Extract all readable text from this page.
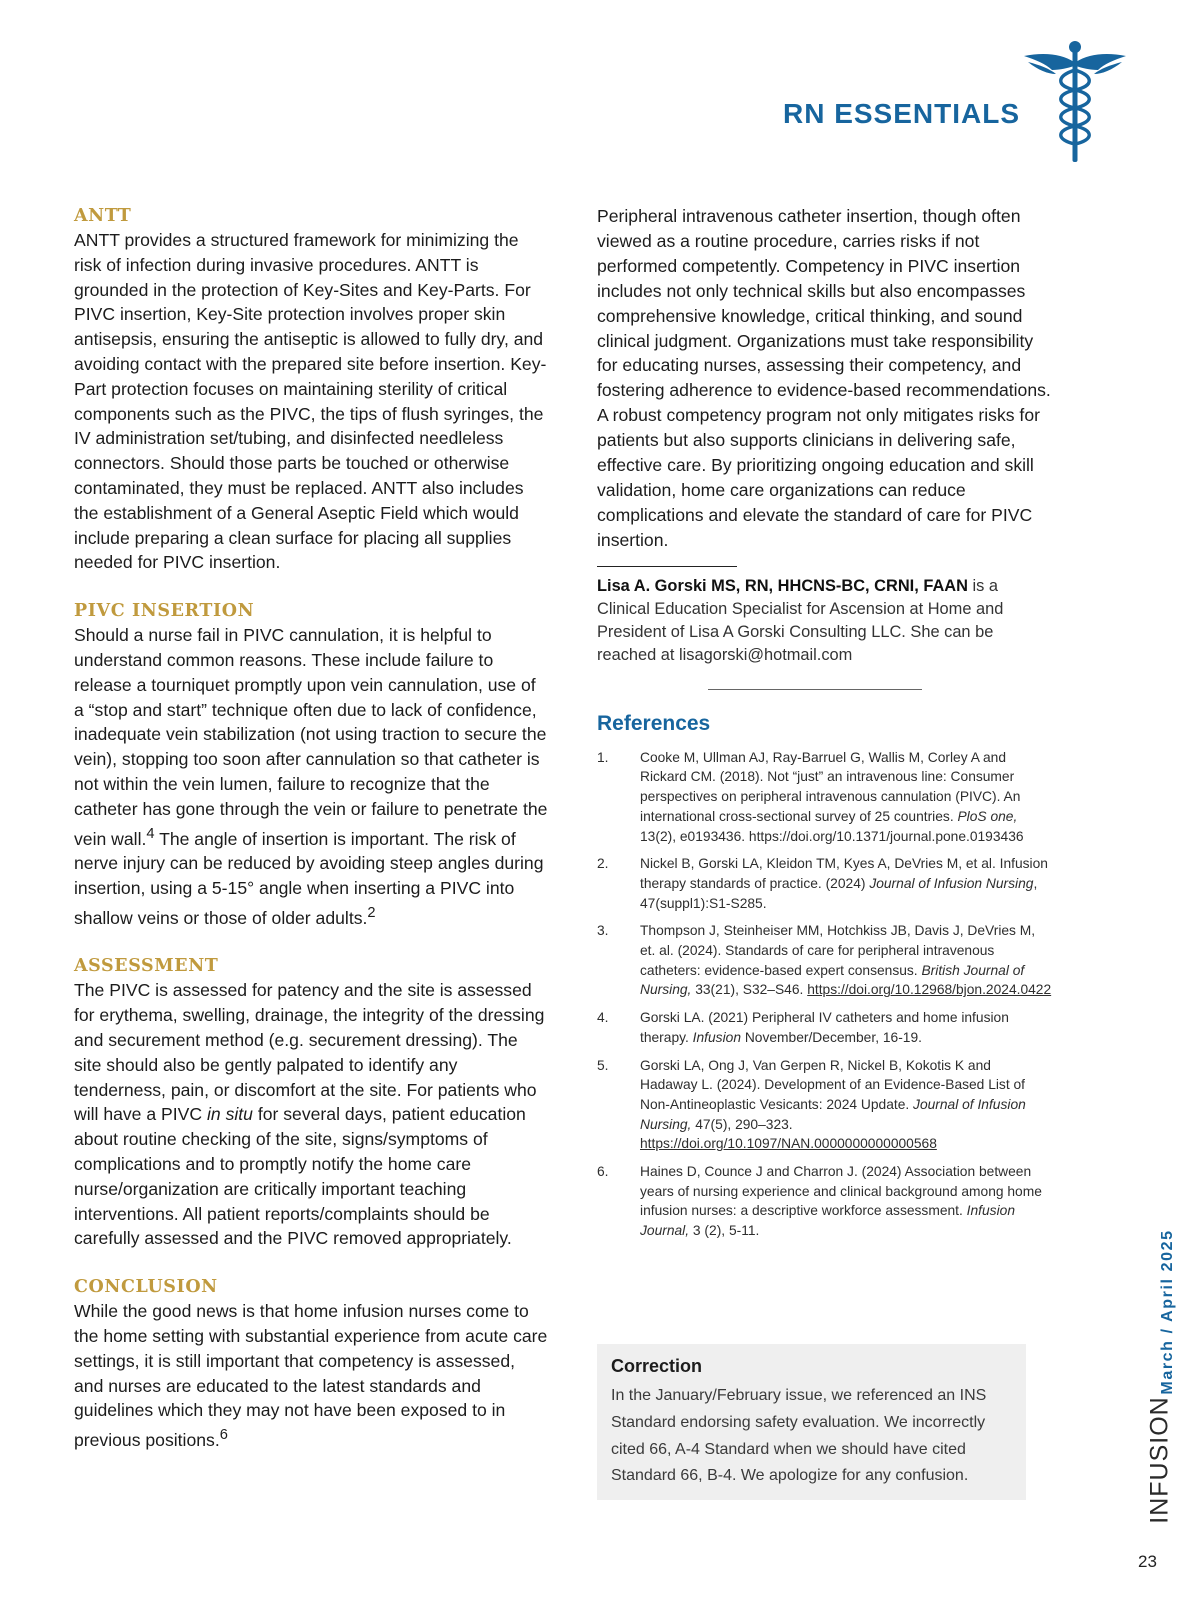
RN ESSENTIALS
ANTT

ANTT provides a structured framework for minimizing the risk of infection during invasive procedures. ANTT is grounded in the protection of Key-Sites and Key-Parts. For PIVC insertion, Key-Site protection involves proper skin antisepsis, ensuring the antiseptic is allowed to fully dry, and avoiding contact with the prepared site before insertion. Key-Part protection focuses on maintaining sterility of critical components such as the PIVC, the tips of flush syringes, the IV administration set/tubing, and disinfected needleless connectors. Should those parts be touched or otherwise contaminated, they must be replaced. ANTT also includes the establishment of a General Aseptic Field which would include preparing a clean surface for placing all supplies needed for PIVC insertion.

PIVC INSERTION

Should a nurse fail in PIVC cannulation, it is helpful to understand common reasons. These include failure to release a tourniquet promptly upon vein cannulation, use of a “stop and start” technique often due to lack of confidence, inadequate vein stabilization (not using traction to secure the vein), stopping too soon after cannulation so that catheter is not within the vein lumen, failure to recognize that the catheter has gone through the vein or failure to penetrate the vein wall.$^4$ The angle of insertion is important. The risk of nerve injury can be reduced by avoiding steep angles during insertion, using a 5-15° angle when inserting a PIVC into shallow veins or those of older adults.$^2$

ASSESSMENT

The PIVC is assessed for patency and the site is assessed for erythema, swelling, drainage, the integrity of the dressing and securement method (e.g. securement dressing). The site should also be gently palpated to identify any tenderness, pain, or discomfort at the site. For patients who will have a PIVC in situ for several days, patient education about routine checking of the site, signs/symptoms of complications and to promptly notify the home care nurse/organization are critically important teaching interventions. All patient reports/complaints should be carefully assessed and the PIVC removed appropriately.

CONCLUSION

While the good news is that home infusion nurses come to the home setting with substantial experience from acute care settings, it is still important that competency is assessed, and nurses are educated to the latest standards and guidelines which they may not have been exposed to in previous positions.$^6$

Peripheral intravenous catheter insertion, though often viewed as a routine procedure, carries risks if not performed competently. Competency in PIVC insertion includes not only technical skills but also encompasses comprehensive knowledge, critical thinking, and sound clinical judgment. Organizations must take responsibility for educating nurses, assessing their competency, and fostering adherence to evidence-based recommendations. A robust competency program not only mitigates risks for patients but also supports clinicians in delivering safe, effective care. By prioritizing ongoing education and skill validation, home care organizations can reduce complications and elevate the standard of care for PIVC insertion.

Lisa A. Gorski MS, RN, HHCNS-BC, CRNI, FAAN is a Clinical Education Specialist for Ascension at Home and President of Lisa A Gorski Consulting LLC. She can be reached at lisagorski@hotmail.com

References
1.	Cooke M, Ullman AJ, Ray-Barruel G, Wallis M, Corley A and Rickard CM. (2018). Not “just” an intravenous line: Consumer perspectives on peripheral intravenous cannulation (PIVC). An international cross-sectional survey of 25 countries. PloS one, 13(2), e0193436. https://doi.org/10.1371/journal.pone.0193436
2.	Nickel B, Gorski LA, Kleidon TM, Kyes A, DeVries M, et al. Infusion therapy standards of practice. (2024) Journal of Infusion Nursing, 47(suppl1):S1-S285.
3.	Thompson J, Steinheiser MM, Hotchkiss JB, Davis J, DeVries M, et. al. (2024). Standards of care for peripheral intravenous catheters: evidence-based expert consensus. British Journal of Nursing, 33(21), S32–S46. https://doi.org/10.12968/bjon.2024.0422
4.	Gorski LA. (2021) Peripheral IV catheters and home infusion therapy. Infusion November/December, 16-19.
5.	Gorski LA, Ong J, Van Gerpen R, Nickel B, Kokotis K and Hadaway L. (2024). Development of an Evidence-Based List of Non-Antineoplastic Vesicants: 2024 Update. Journal of Infusion Nursing, 47(5), 290–323. https://doi.org/10.1097/NAN.0000000000000568
6.	Haines D, Counce J and Charron J. (2024) Association between years of nursing experience and clinical background among home infusion nurses: a descriptive workforce assessment. Infusion Journal, 3 (2), 5-11.
Correction

In the January/February issue, we referenced an INS Standard endorsing safety evaluation. We incorrectly cited 66, A-4 Standard when we should have cited Standard 66, B-4. We apologize for any confusion.

March / April 2025
INFUSION
23
